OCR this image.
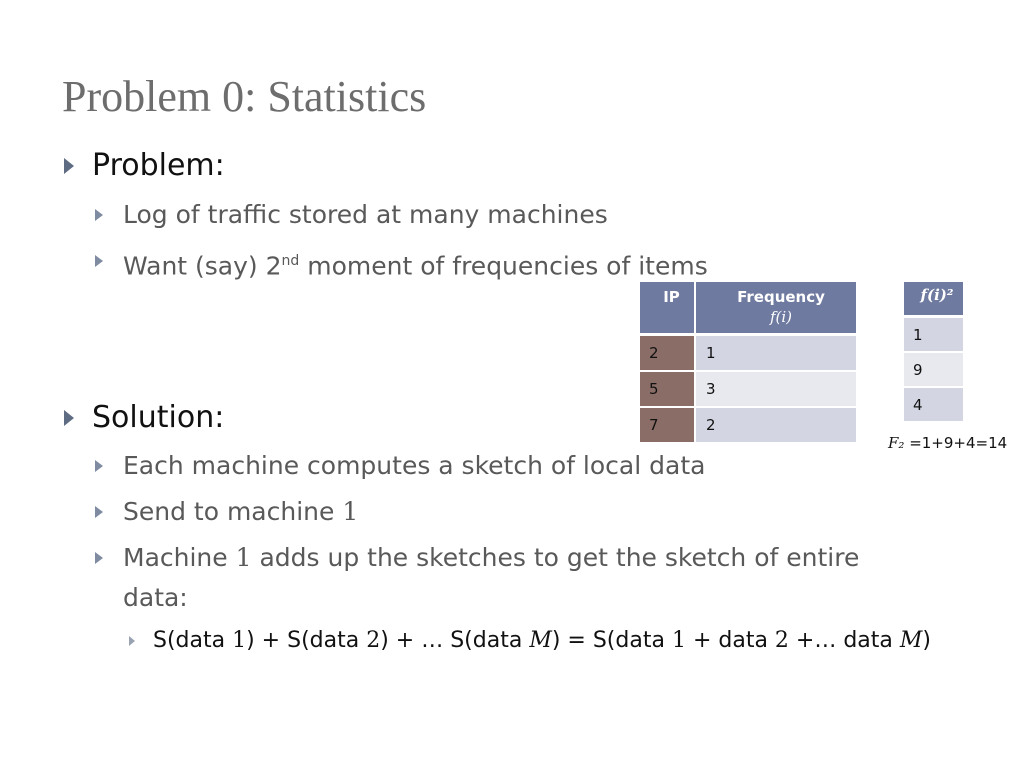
Problem 0: Statistics
Problem:
Log of traffic stored at many machines
Want (say) 2nd moment of frequencies of items
IP	Frequency
f(i)

2	1
5	3
7	2
f(i)²
1
9
4
F₂ =1+9+4=14
Solution:
Each machine computes a sketch of local data
Send to machine 1
Machine 1 adds up the sketches to get the sketch of entire
data:
S(data 1) + S(data 2) + … S(data M) = S(data 1 + data 2 +… data M)
